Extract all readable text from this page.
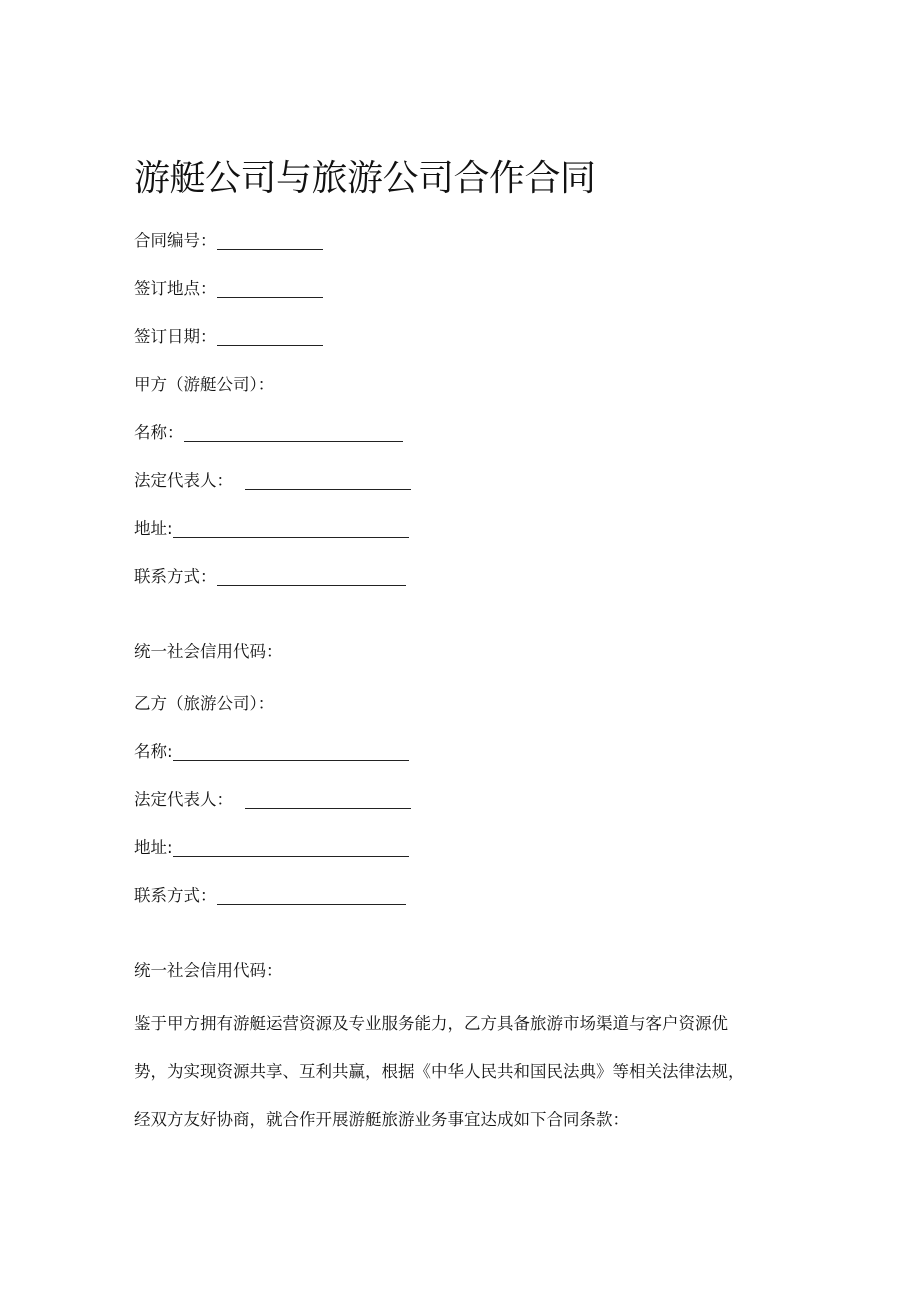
游艇公司与旅游公司合作合同
合同编号：
签订地点：
签订日期：
甲方（游艇公司）：
名称：
法定代表人：
地址:
联系方式：
统一社会信用代码：
乙方（旅游公司）：
名称:
法定代表人：
地址:
联系方式：
统一社会信用代码：
鉴于甲方拥有游艇运营资源及专业服务能力，乙方具备旅游市场渠道与客户资源优
势，为实现资源共享、互利共赢，根据《中华人民共和国民法典》等相关法律法规，
经双方友好协商，就合作开展游艇旅游业务事宜达成如下合同条款：
